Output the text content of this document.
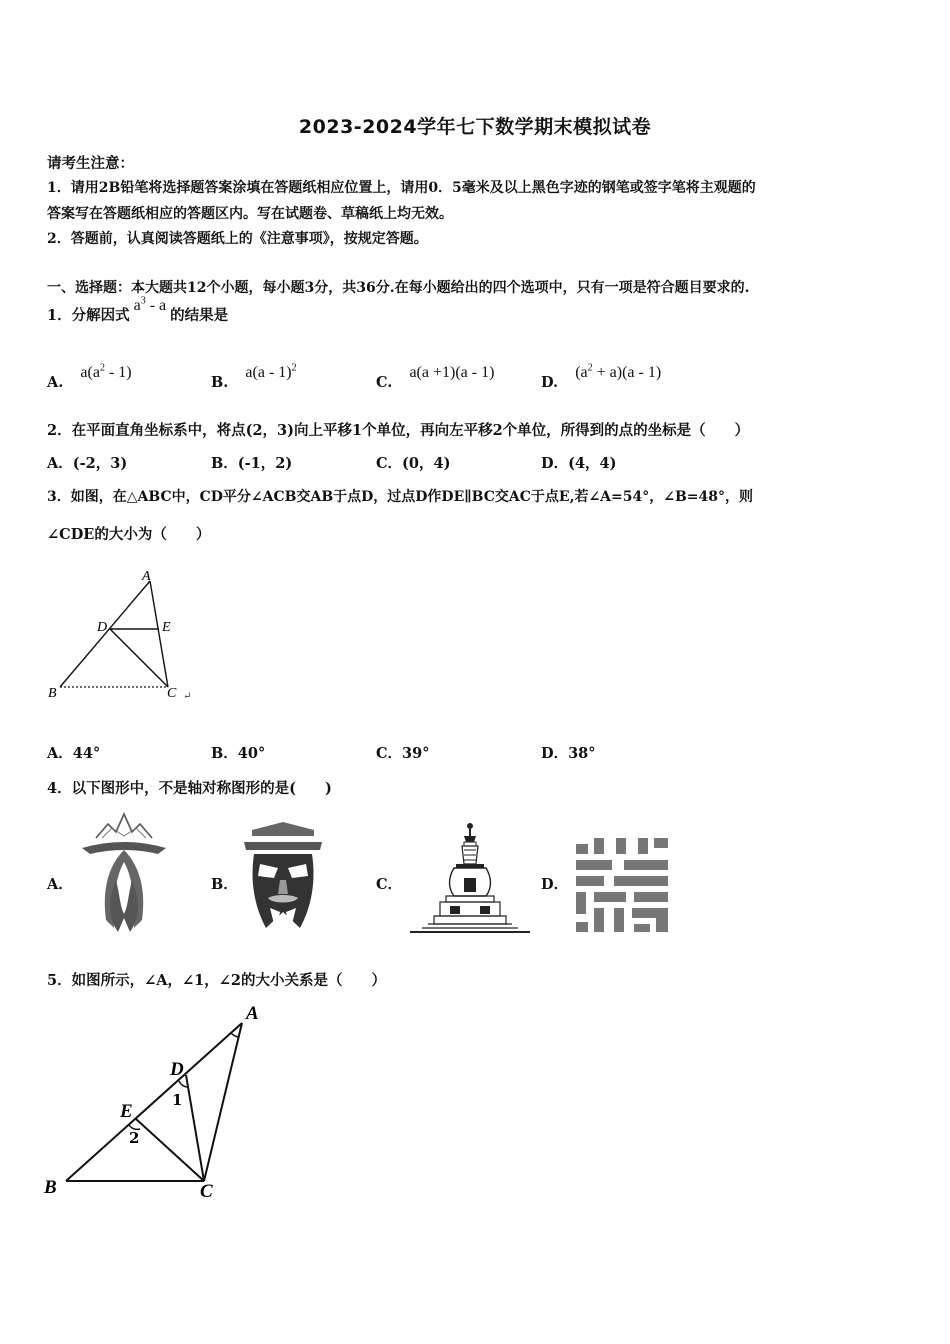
2023-2024学年七下数学期末模拟试卷
请考生注意：
1．请用2B铅笔将选择题答案涂填在答题纸相应位置上，请用0．5毫米及以上黑色字迹的钢笔或签字笔将主观题的
答案写在答题纸相应的答题区内。写在试题卷、草稿纸上均无效。
2．答题前，认真阅读答题纸上的《注意事项》，按规定答题。
一、选择题：本大题共12个小题，每小题3分，共36分.在每小题给出的四个选项中，只有一项是符合题目要求的.
1．分解因式$a^3$ - a的结果是
A. $a(a^2 - 1)$
B. a(a - 1)$^2$
C. a(a +1)(a - 1)
D. $(a^2 + a)(a - 1)$
2．在平面直角坐标系中，将点(2，3)向上平移1个单位，再向左平移2个单位，所得到的点的坐标是（　　）
A．(-2，3)	B．(-1，2)	C．(0，4)	D．(4，4)
3．如图，在△ABC中，CD平分∠ACB交AB于点D，过点D作DE∥BC交AC于点E,若∠A=54°，∠B=48°，则
∠CDE的大小为（　　）
A
D	E
B	C ↵
A．44°	B．40°	C．39°	D．38°
4．以下图形中，不是轴对称图形的是(　　)
A．	B．	C．	D．
5．如图所示，∠A，∠1，∠2的大小关系是（　　）
A
D
E
1
2
B	C
